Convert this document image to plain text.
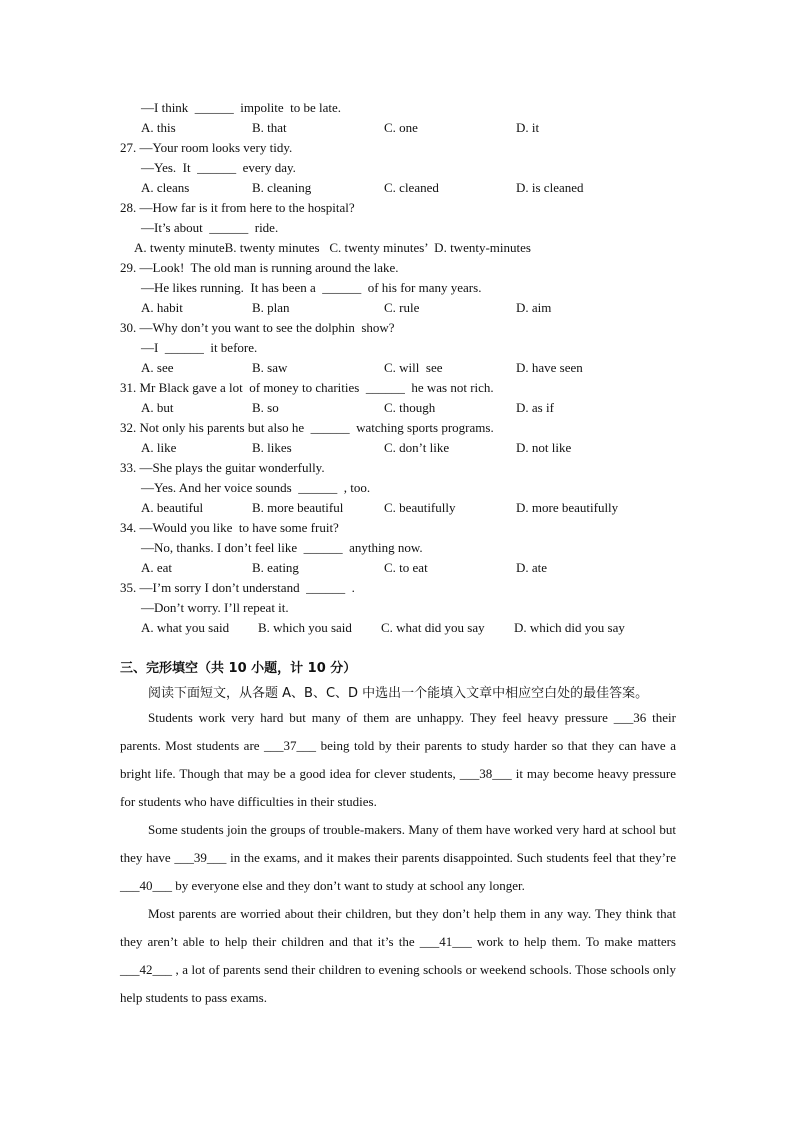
—I think  ______  impolite  to be late.
A. this	B. that	C. one	D. it
27. —Your room looks very tidy.
—Yes.  It  ______  every day.
A. cleans	B. cleaning	C. cleaned	D. is cleaned
28. —How far is it from here to the hospital?
—It’s about  ______  ride.
A. twenty minuteB. twenty minutes   C. twenty minutes’  D. twenty-minutes
29. —Look!  The old man is running around the lake.
—He likes running.  It has been a  ______  of his for many years.
A. habit	B. plan	C. rule	D. aim
30. —Why don’t you want to see the dolphin  show?
—I  ______  it before.
A. see	B. saw	C. will  see	D. have seen
31. Mr Black gave a lot  of money to charities  ______  he was not rich.
A. but	B. so	C. though	D. as if
32. Not only his parents but also he  ______  watching sports programs.
A. like	B. likes	C. don’t like	D. not like
33. —She plays the guitar wonderfully.
—Yes. And her voice sounds  ______  , too.
A. beautiful	B. more beautiful	C. beautifully	D. more beautifully
34. —Would you like  to have some fruit?
—No, thanks. I don’t feel like  ______  anything now.
A. eat	B. eating	C. to eat	D. ate
35. —I’m sorry I don’t understand  ______  .
—Don’t worry. I’ll repeat it.
A. what you said B. which you said C. what did you say D. which did you say
三、完形填空（共 10 小题，计 10 分）
阅读下面短文，从各题 A、B、C、D 中选出一个能填入文章中相应空白处的最佳答案。
Students work very hard but many of them are unhappy. They feel heavy pressure ___36 their parents. Most students are ___37___ being told by their parents to study harder so that they can have a bright life. Though that may be a good idea for clever students, ___38___ it may become heavy pressure for students who have difficulties in their studies.
Some students join the groups of trouble-makers. Many of them have worked very hard at school but they have ___39___ in the exams, and it makes their parents disappointed. Such students feel that they’re ___40___ by everyone else and they don’t want to study at school any longer.
Most parents are worried about their children, but they don’t help them in any way. They think that they aren’t able to help their children and that it’s the ___41___ work to help them. To make matters ___42___ , a lot of parents send their children to evening schools or weekend schools. Those schools only help students to pass exams.
